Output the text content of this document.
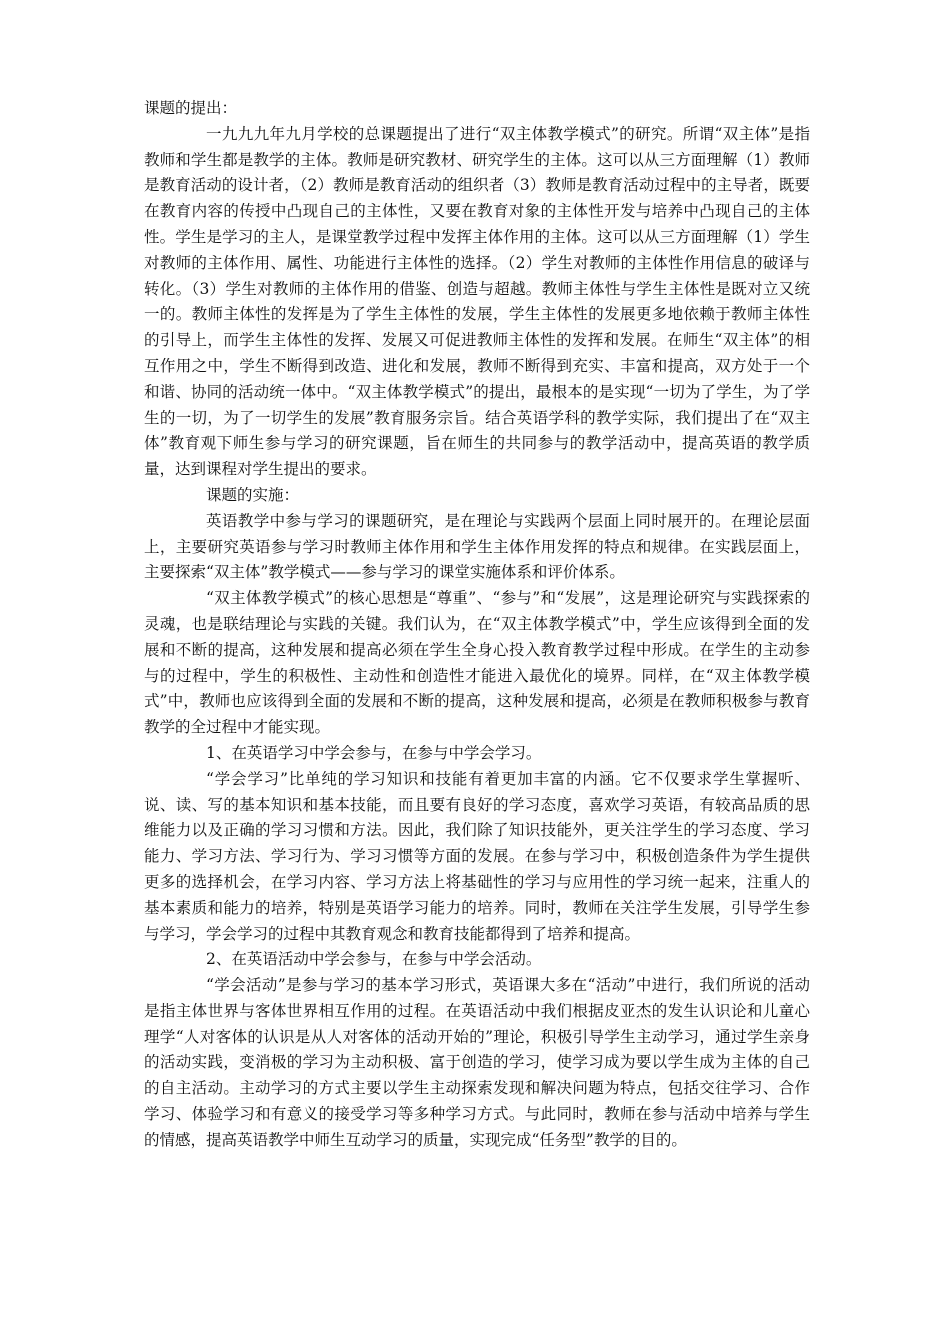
课题的提出：

一九九九年九月学校的总课题提出了进行“双主体教学模式”的研究。所谓“双主体”是指教师和学生都是教学的主体。教师是研究教材、研究学生的主体。这可以从三方面理解（1）教师是教育活动的设计者，（2）教师是教育活动的组织者（3）教师是教育活动过程中的主导者，既要在教育内容的传授中凸现自己的主体性，又要在教育对象的主体性开发与培养中凸现自己的主体性。学生是学习的主人，是课堂教学过程中发挥主体作用的主体。这可以从三方面理解（1）学生对教师的主体作用、属性、功能进行主体性的选择。（2）学生对教师的主体性作用信息的破译与转化。（3）学生对教师的主体作用的借鉴、创造与超越。教师主体性与学生主体性是既对立又统一的。教师主体性的发挥是为了学生主体性的发展，学生主体性的发展更多地依赖于教师主体性的引导上，而学生主体性的发挥、发展又可促进教师主体性的发挥和发展。在师生“双主体”的相互作用之中，学生不断得到改造、进化和发展，教师不断得到充实、丰富和提高，双方处于一个和谐、协同的活动统一体中。“双主体教学模式”的提出，最根本的是实现“一切为了学生，为了学生的一切，为了一切学生的发展”教育服务宗旨。结合英语学科的教学实际，我们提出了在“双主体”教育观下师生参与学习的研究课题，旨在师生的共同参与的教学活动中，提高英语的教学质量，达到课程对学生提出的要求。

课题的实施：

英语教学中参与学习的课题研究，是在理论与实践两个层面上同时展开的。在理论层面上，主要研究英语参与学习时教师主体作用和学生主体作用发挥的特点和规律。在实践层面上，主要探索“双主体”教学模式——参与学习的课堂实施体系和评价体系。

“双主体教学模式”的核心思想是“尊重”、“参与”和“发展”，这是理论研究与实践探索的灵魂，也是联结理论与实践的关键。我们认为，在“双主体教学模式”中，学生应该得到全面的发展和不断的提高，这种发展和提高必须在学生全身心投入教育教学过程中形成。在学生的主动参与的过程中，学生的积极性、主动性和创造性才能进入最优化的境界。同样，在“双主体教学模式”中，教师也应该得到全面的发展和不断的提高，这种发展和提高，必须是在教师积极参与教育教学的全过程中才能实现。

1、在英语学习中学会参与，在参与中学会学习。

“学会学习”比单纯的学习知识和技能有着更加丰富的内涵。它不仅要求学生掌握听、说、读、写的基本知识和基本技能，而且要有良好的学习态度，喜欢学习英语，有较高品质的思维能力以及正确的学习习惯和方法。因此，我们除了知识技能外，更关注学生的学习态度、学习能力、学习方法、学习行为、学习习惯等方面的发展。在参与学习中，积极创造条件为学生提供更多的选择机会，在学习内容、学习方法上将基础性的学习与应用性的学习统一起来，注重人的基本素质和能力的培养，特别是英语学习能力的培养。同时，教师在关注学生发展，引导学生参与学习，学会学习的过程中其教育观念和教育技能都得到了培养和提高。

2、在英语活动中学会参与，在参与中学会活动。

“学会活动”是参与学习的基本学习形式，英语课大多在“活动”中进行，我们所说的活动是指主体世界与客体世界相互作用的过程。在英语活动中我们根据皮亚杰的发生认识论和儿童心理学“人对客体的认识是从人对客体的活动开始的”理论，积极引导学生主动学习，通过学生亲身的活动实践，变消极的学习为主动积极、富于创造的学习，使学习成为要以学生成为主体的自己的自主活动。主动学习的方式主要以学生主动探索发现和解决问题为特点，包括交往学习、合作学习、体验学习和有意义的接受学习等多种学习方式。与此同时，教师在参与活动中培养与学生的情感，提高英语教学中师生互动学习的质量，实现完成“任务型”教学的目的。
